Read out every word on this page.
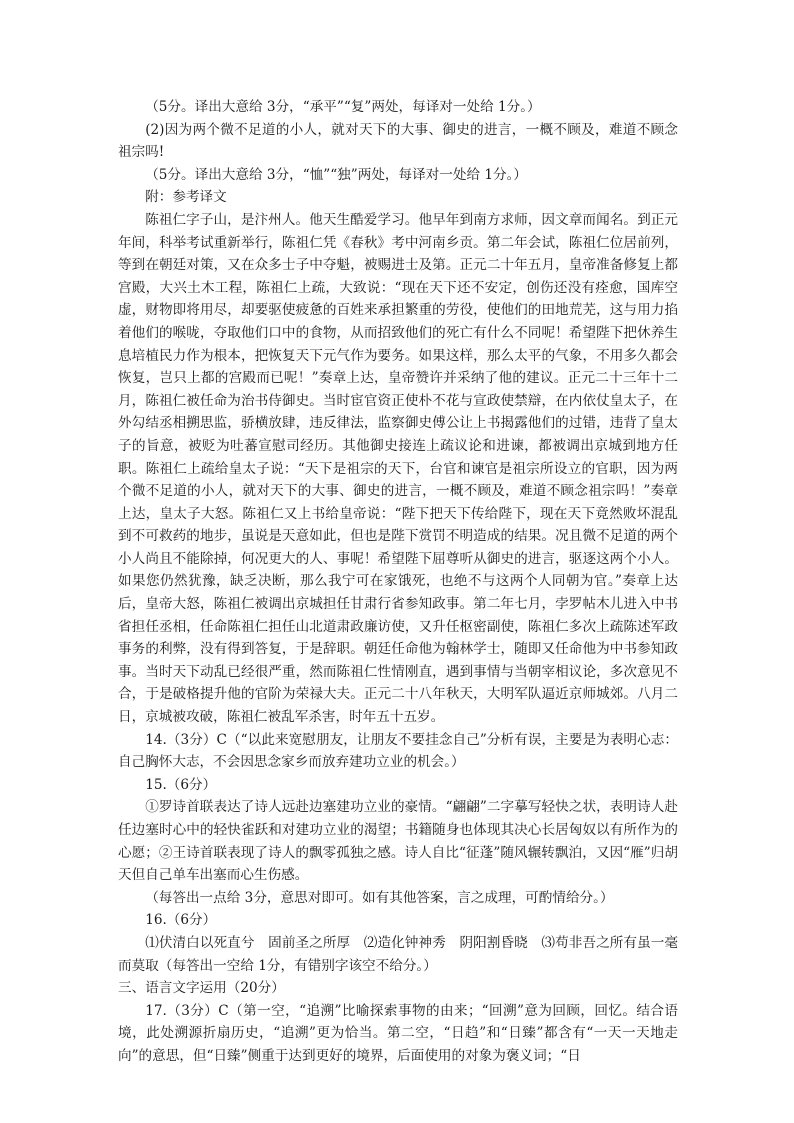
（5分。译出大意给 3分，“承平”“复”两处，每译对一处给 1分。）

(2)因为两个微不足道的小人，就对天下的大事、御史的进言，一概不顾及，难道不顾念祖宗吗!

（5分。译出大意给 3分，“恤”“独”两处，每译对一处给 1分。）

附：参考译文

陈祖仁字子山，是汴州人。他天生酷爱学习。他早年到南方求师，因文章而闻名。到正元年间，科举考试重新举行，陈祖仁凭《春秋》考中河南乡贡。第二年会试，陈祖仁位居前列，等到在朝廷对策，又在众多士子中夺魁，被赐进士及第。正元二十年五月，皇帝准备修复上都宫殿，大兴土木工程，陈祖仁上疏，大致说：“现在天下还不安定，创伤还没有痊愈，国库空虚，财物即将用尽，却要驱使疲惫的百姓来承担繁重的劳役，使他们的田地荒芜，这与用力掐着他们的喉咙，夺取他们口中的食物，从而招致他们的死亡有什么不同呢！希望陛下把休养生息培植民力作为根本，把恢复天下元气作为要务。如果这样，那么太平的气象，不用多久都会恢复，岂只上都的宫殿而已呢！”奏章上达，皇帝赞许并采纳了他的建议。正元二十三年十二月，陈祖仁被任命为治书侍御史。当时宦官资正使朴不花与宣政使禁辯，在内依仗皇太子，在外勾结丞相搠思监，骄横放肆，违反律法，监察御史傅公让上书揭露他们的过错，违背了皇太子的旨意，被贬为吐蕃宣慰司经历。其他御史接连上疏议论和进谏，都被调出京城到地方任职。陈祖仁上疏给皇太子说：“天下是祖宗的天下，台官和谏官是祖宗所设立的官职，因为两个微不足道的小人，就对天下的大事、御史的进言，一概不顾及，难道不顾念祖宗吗！”奏章上达，皇太子大怒。陈祖仁又上书给皇帝说：“陛下把天下传给陛下，现在天下竟然败坏混乱到不可救药的地步，虽说是天意如此，但也是陛下赏罚不明造成的结果。况且微不足道的两个小人尚且不能除掉，何况更大的人、事呢！希望陛下屈尊听从御史的进言，驱逐这两个小人。如果您仍然犹豫，缺乏决断，那么我宁可在家饿死，也绝不与这两个人同朝为官。”奏章上达后，皇帝大怒，陈祖仁被调出京城担任甘肃行省参知政事。第二年七月，孛罗帖木儿进入中书省担任丞相，任命陈祖仁担任山北道肃政廉访使，又升任枢密副使，陈祖仁多次上疏陈述军政事务的利弊，没有得到答复，于是辞职。朝廷任命他为翰林学士，随即又任命他为中书参知政事。当时天下动乱已经很严重，然而陈祖仁性情刚直，遇到事情与当朝宰相议论，多次意见不合，于是破格提升他的官阶为荣禄大夫。正元二十八年秋天，大明军队逼近京师城郊。八月二日，京城被攻破，陈祖仁被乱军杀害，时年五十五岁。

14.（3分）C（“以此来宽慰朋友，让朋友不要挂念自己”分析有误，主要是为表明心志：自己胸怀大志，不会因思念家乡而放弃建功立业的机会。）

15.（6分）

①罗诗首联表达了诗人远赴边塞建功立业的豪情。“翩翩”二字摹写轻快之状，表明诗人赴任边塞时心中的轻快雀跃和对建功立业的渴望；书籍随身也体现其决心长居匈奴以有所作为的心愿；②王诗首联表现了诗人的飘零孤独之感。诗人自比“征蓬”随风辗转飘泊，又因“雁”归胡天但自己单车出塞而心生伤感。

（每答出一点给 3分，意思对即可。如有其他答案，言之成理，可酌情给分。）

16.（6分）

⑴伏清白以死直兮　固前圣之所厚　⑵造化钟神秀　阴阳割昏晓　⑶苟非吾之所有虽一毫而莫取（每答出一空给 1分，有错别字该空不给分。）

三、语言文字运用（20分）

17.（3分）C（第一空，“追溯”比喻探索事物的由来；“回溯”意为回顾，回忆。结合语境，此处溯源折扇历史，“追溯”更为恰当。第二空，“日趋”和“日臻”都含有“一天一天地走向”的意思，但“日臻”侧重于达到更好的境界，后面使用的对象为褒义词；“日
